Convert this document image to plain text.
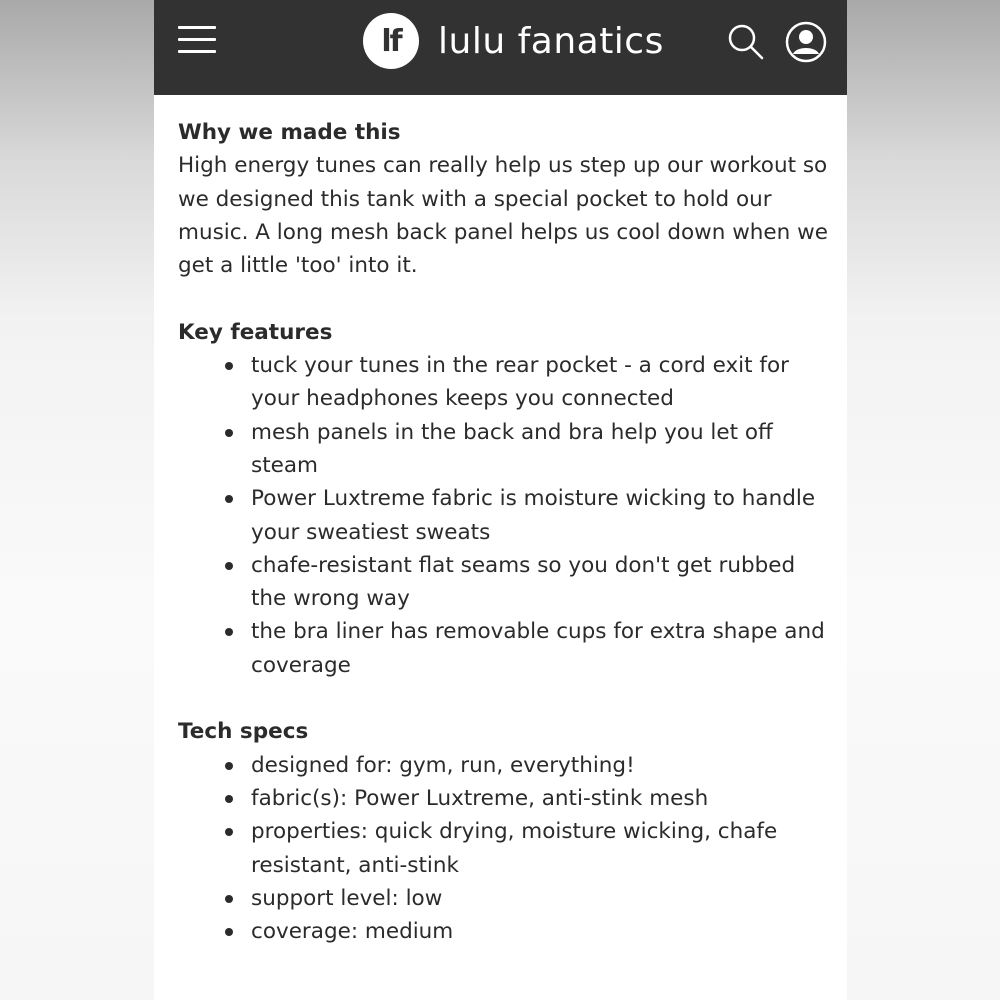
lf	lulu fanatics
Why we made this

High energy tunes can really help us step up our workout so we designed this tank with a special pocket to hold our music. A long mesh back panel helps us cool down when we get a little 'too' into it.

Key features
tuck your tunes in the rear pocket - a cord exit for your headphones keeps you connected
mesh panels in the back and bra help you let off steam
Power Luxtreme fabric is moisture wicking to handle your sweatiest sweats
chafe-resistant flat seams so you don't get rubbed the wrong way
the bra liner has removable cups for extra shape and coverage
Tech specs
designed for: gym, run, everything!
fabric(s): Power Luxtreme, anti-stink mesh
properties: quick drying, moisture wicking, chafe resistant, anti-stink
support level: low
coverage: medium
